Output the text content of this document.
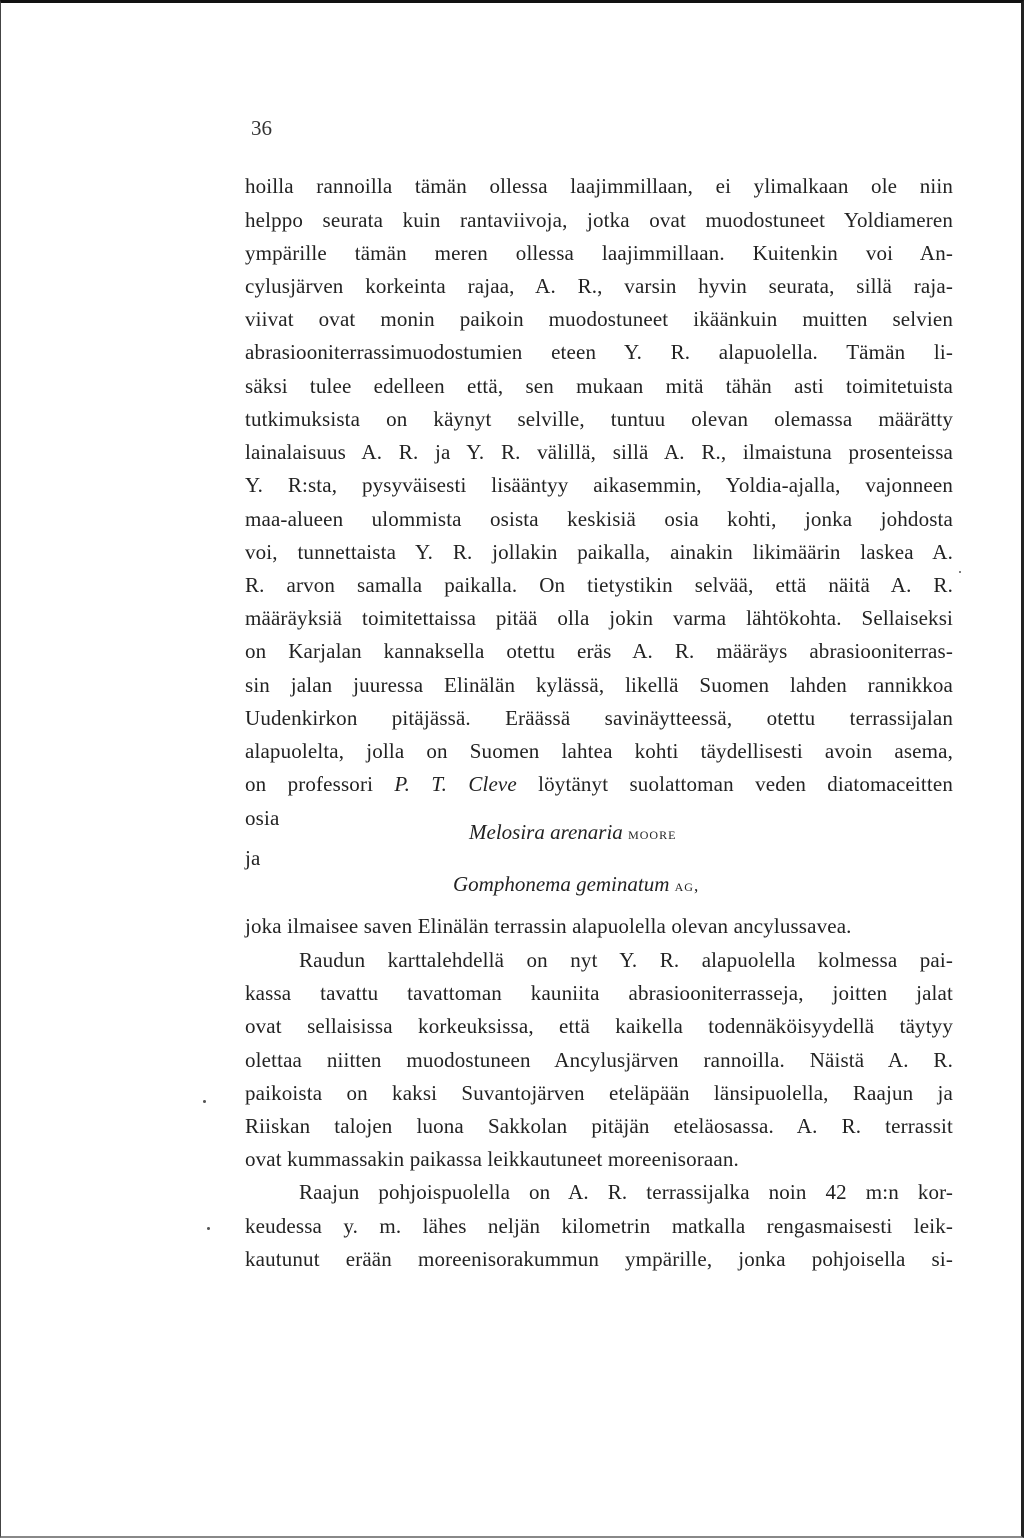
36
hoilla rannoilla tämän ollessa laajimmillaan, ei ylimalkaan ole niin
helppo seurata kuin rantaviivoja, jotka ovat muodostuneet Yoldiameren
ympärille tämän meren ollessa laajimmillaan. Kuitenkin voi An-
cylusjärven korkeinta rajaa, A. R., varsin hyvin seurata, sillä raja-
viivat ovat monin paikoin muodostuneet ikäänkuin muitten selvien
abrasiooniterrassimuodostumien eteen Y. R. alapuolella. Tämän li-
säksi tulee edelleen että, sen mukaan mitä tähän asti toimitetuista
tutkimuksista on käynyt selville, tuntuu olevan olemassa määrätty
lainalaisuus A. R. ja Y. R. välillä, sillä A. R., ilmaistuna prosenteissa
Y. R:sta, pysyväisesti lisääntyy aikasemmin, Yoldia-ajalla, vajonneen
maa-alueen ulommista osista keskisiä osia kohti, jonka johdosta
voi, tunnettaista Y. R. jollakin paikalla, ainakin likimäärin laskea A.
R. arvon samalla paikalla. On tietystikin selvää, että näitä A. R.
määräyksiä toimitettaissa pitää olla jokin varma lähtökohta. Sellaiseksi
on Karjalan kannaksella otettu eräs A. R. määräys abrasiooniterras-
sin jalan juuressa Elinälän kylässä, likellä Suomen lahden rannikkoa
Uudenkirkon pitäjässä. Eräässä savinäytteessä, otettu terrassijalan
alapuolelta, jolla on Suomen lahtea kohti täydellisesti avoin asema,
on professori P. T. Cleve löytänyt suolattoman veden diatomaceitten
osia
Melosira arenaria moore
ja
Gomphonema geminatum ag,
joka ilmaisee saven Elinälän terrassin alapuolella olevan ancylussavea.
Raudun karttalehdellä on nyt Y. R. alapuolella kolmessa pai-
kassa tavattu tavattoman kauniita abrasiooniterrasseja, joitten jalat
ovat sellaisissa korkeuksissa, että kaikella todennäköisyydellä täytyy
olettaa niitten muodostuneen Ancylusjärven rannoilla. Näistä A. R.
paikoista on kaksi Suvantojärven eteläpään länsipuolella, Raajun ja
Riiskan talojen luona Sakkolan pitäjän eteläosassa. A. R. terrassit
ovat kummassakin paikassa leikkautuneet moreenisoraan.
Raajun pohjoispuolella on A. R. terrassijalka noin 42 m:n kor-
keudessa y. m. lähes neljän kilometrin matkalla rengasmaisesti leik-
kautunut erään moreenisorakummun ympärille, jonka pohjoisella si-
